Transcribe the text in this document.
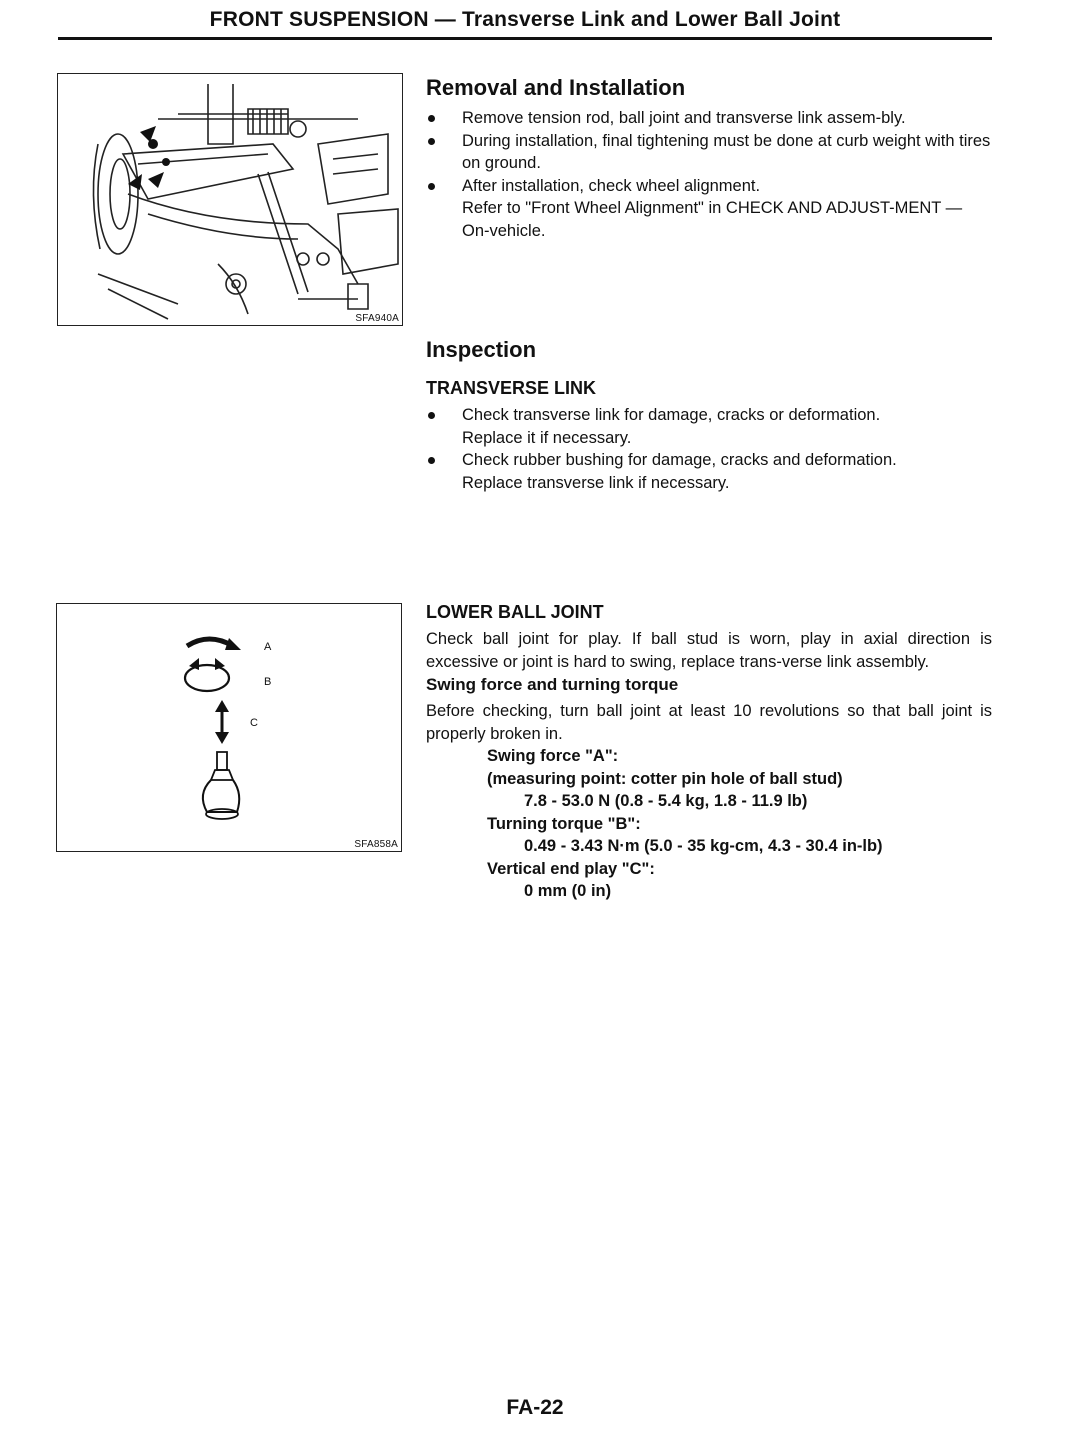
FRONT SUSPENSION — Transverse Link and Lower Ball Joint
SFA940A
A
B
C
SFA858A
Removal and Installation
Remove tension rod, ball joint and transverse link assem-bly.
During installation, final tightening must be done at curb weight with tires on ground.
After installation, check wheel alignment.
Refer to "Front Wheel Alignment" in CHECK AND ADJUST-MENT — On-vehicle.
Inspection
TRANSVERSE LINK
Check transverse link for damage, cracks or deformation.
Replace it if necessary.
Check rubber bushing for damage, cracks and deformation.
Replace transverse link if necessary.
LOWER BALL JOINT

Check ball joint for play. If ball stud is worn, play in axial direction is excessive or joint is hard to swing, replace trans-verse link assembly.

Swing force and turning torque

Before checking, turn ball joint at least 10 revolutions so that ball joint is properly broken in.

Swing force "A":
(measuring point: cotter pin hole of ball stud)
7.8 - 53.0 N (0.8 - 5.4 kg, 1.8 - 11.9 lb)
Turning torque "B":
0.49 - 3.43 N·m (5.0 - 35 kg-cm, 4.3 - 30.4 in-lb)
Vertical end play "C":
0 mm (0 in)
FA-22
